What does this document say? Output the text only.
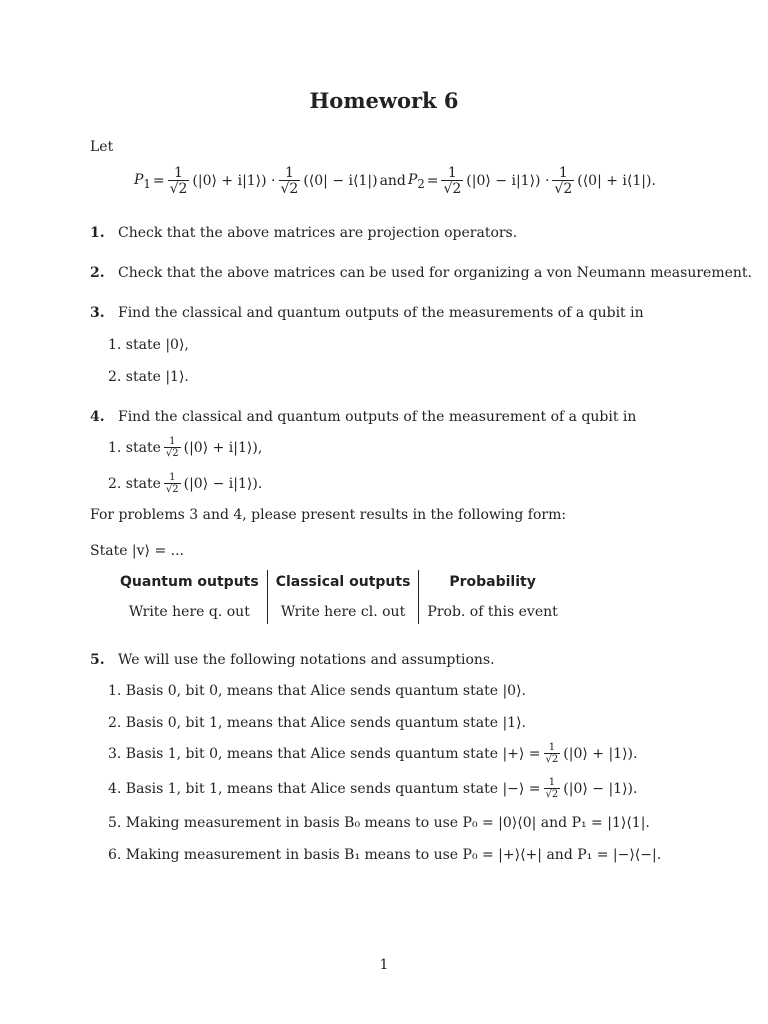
Homework 6
Let
$P_1 = \frac{1}{√2}$ (|0⟩ + i|1⟩) · $\frac{1}{√2}$ (⟨0| − i⟨1|) and $P_2 = \frac{1}{√2}$ (|0⟩ − i|1⟩) · $\frac{1}{√2}$ (⟨0| + i⟨1|).
1. Check that the above matrices are projection operators.
2. Check that the above matrices can be used for organizing a von Neumann measurement.
3. Find the classical and quantum outputs of the measurements of a qubit in
1. state |0⟩,
2. state |1⟩.
4. Find the classical and quantum outputs of the measurement of a qubit in
1. state $\frac{1}{√2}$ (|0⟩ + i|1⟩),
2. state $\frac{1}{√2}$ (|0⟩ − i|1⟩).
For problems 3 and 4, please present results in the following form:
State |v⟩ = ...
Quantum outputs	Classical outputs	Probability
Write here q. out	Write here cl. out	Prob. of this event
5. We will use the following notations and assumptions.
1. Basis 0, bit 0, means that Alice sends quantum state |0⟩.
2. Basis 0, bit 1, means that Alice sends quantum state |1⟩.
3. Basis 1, bit 0, means that Alice sends quantum state |+⟩ = $\frac{1}{√2}$ (|0⟩ + |1⟩).
4. Basis 1, bit 1, means that Alice sends quantum state |−⟩ = $\frac{1}{√2}$ (|0⟩ − |1⟩).
5. Making measurement in basis B₀ means to use P₀ = |0⟩⟨0| and P₁ = |1⟩⟨1|.
6. Making measurement in basis B₁ means to use P₀ = |+⟩⟨+| and P₁ = |−⟩⟨−|.
1
